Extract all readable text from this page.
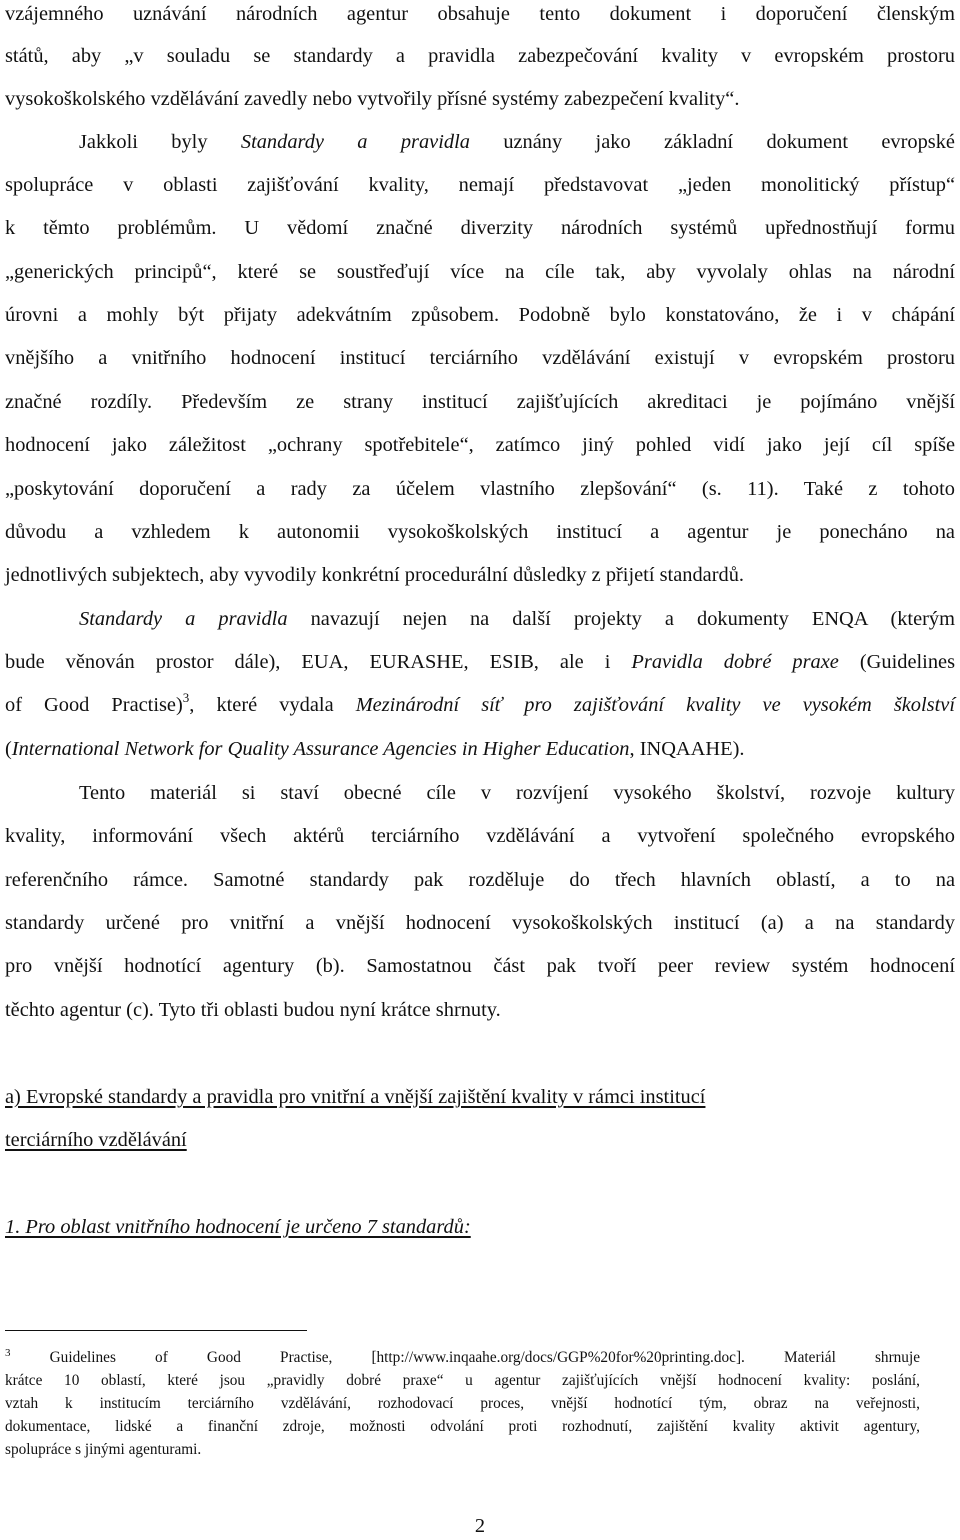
vzájemného uznávání národních agentur obsahuje tento dokument i doporučení členským
států, aby „v souladu se standardy a pravidla zabezpečování kvality v evropském prostoru
vysokoškolského vzdělávání zavedly nebo vytvořily přísné systémy zabezpečení kvality“.
Jakkoli byly Standardy a pravidla uznány jako základní dokument evropské
spolupráce v oblasti zajišťování kvality, nemají představovat „jeden monolitický přístup“
k těmto problémům. U vědomí značné diverzity národních systémů upřednostňují formu
„generických principů“, které se soustřeďují více na cíle tak, aby vyvolaly ohlas na národní
úrovni a mohly být přijaty adekvátním způsobem. Podobně bylo konstatováno, že i v chápání
vnějšího a vnitřního hodnocení institucí terciárního vzdělávání existují v evropském prostoru
značné rozdíly. Především ze strany institucí zajišťujících akreditaci je pojímáno vnější
hodnocení jako záležitost „ochrany spotřebitele“, zatímco jiný pohled vidí jako její cíl spíše
„poskytování doporučení a rady za účelem vlastního zlepšování“ (s. 11). Také z tohoto
důvodu a vzhledem k autonomii vysokoškolských institucí a agentur je ponecháno na
jednotlivých subjektech, aby vyvodily konkrétní procedurální důsledky z přijetí standardů.
Standardy a pravidla navazují nejen na další projekty a dokumenty ENQA (kterým
bude věnován prostor dále), EUA, EURASHE, ESIB, ale i Pravidla dobré praxe (Guidelines
of Good Practise)$^3$, které vydala Mezinárodní síť pro zajišťování kvality ve vysokém školství
(International Network for Quality Assurance Agencies in Higher Education, INQAAHE).
Tento materiál si staví obecné cíle v rozvíjení vysokého školství, rozvoje kultury
kvality, informování všech aktérů terciárního vzdělávání a vytvoření společného evropského
referenčního rámce. Samotné standardy pak rozděluje do třech hlavních oblastí, a to na
standardy určené pro vnitřní a vnější hodnocení vysokoškolských institucí (a) a na standardy
pro vnější hodnotící agentury (b). Samostatnou část pak tvoří peer review systém hodnocení
těchto agentur (c). Tyto tři oblasti budou nyní krátce shrnuty.
a) Evropské standardy a pravidla pro vnitřní a vnější zajištění kvality v rámci institucí
terciárního vzdělávání
1. Pro oblast vnitřního hodnocení je určeno 7 standardů:
$^3$ Guidelines of Good Practise, [http://www.inqaahe.org/docs/GGP%20for%20printing.doc]. Materiál shrnuje
krátce 10 oblastí, které jsou „pravidly dobré praxe“ u agentur zajišťujících vnější hodnocení kvality: poslání,
vztah k institucím terciárního vzdělávání, rozhodovací proces, vnější hodnotící tým, obraz na veřejnosti,
dokumentace, lidské a finanční zdroje, možnosti odvolání proti rozhodnutí, zajištění kvality aktivit agentury,
spolupráce s jinými agenturami.
2
